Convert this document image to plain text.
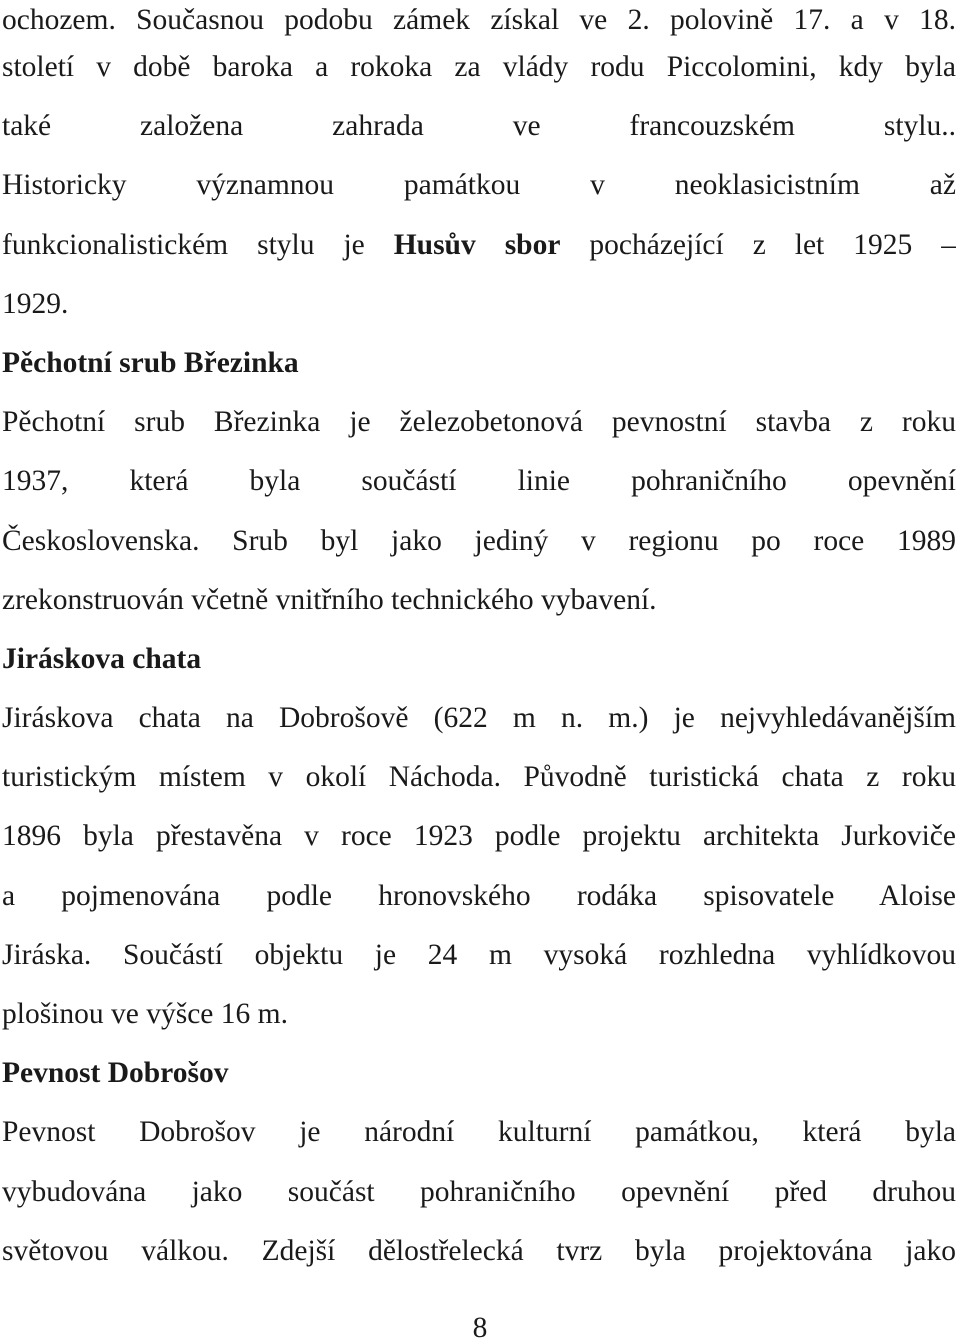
ochozem. Současnou podobu zámek získal ve 2. polovině 17. a v 18.
století v době baroka a rokoka za vlády rodu Piccolomini, kdy byla
také založena zahrada ve francouzském stylu..
Historicky významnou památkou v neoklasicistním až
funkcionalistickém stylu je Husův sbor pocházející z let 1925 –
1929.
Pěchotní srub Březinka
Pěchotní srub Březinka je železobetonová pevnostní stavba z roku
1937, která byla součástí linie pohraničního opevnění
Československa. Srub byl jako jediný v regionu po roce 1989
zrekonstruován včetně vnitřního technického vybavení.
Jiráskova chata
Jiráskova chata na Dobrošově (622 m n. m.) je nejvyhledávanějším
turistickým místem v okolí Náchoda. Původně turistická chata z roku
1896 byla přestavěna v roce 1923 podle projektu architekta Jurkoviče
a pojmenována podle hronovského rodáka spisovatele Aloise
Jiráska. Součástí objektu je 24 m vysoká rozhledna vyhlídkovou
plošinou ve výšce 16 m.
Pevnost Dobrošov
Pevnost Dobrošov je národní kulturní památkou, která byla
vybudována jako součást pohraničního opevnění před druhou
světovou válkou. Zdejší dělostřelecká tvrz byla projektována jako
8
